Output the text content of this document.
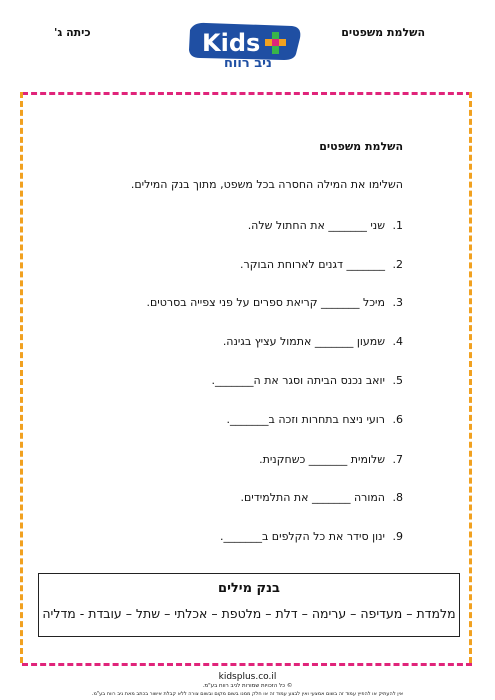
השלמת משפטים
כיתה ג'	Kids
ניב רווח
השלמת משפטים
השלימו את המילה החסרה בכל משפט, מתוך בנק המילים.
שני _______ את החתול שלה. .1
_______ דגנים לארוחת הבוקר. .2
מיכל _______ קריאת ספרים על פני צפייה בסרטים. .3
שמעון _______ אתמול עציץ בגינה. .4
יואב נכנס הביתה וסגר את ה_______. .5
רועי ניצח בתחרות וזכה ב_______. .6
שלומית _______ כשחקנית. .7
המורה _______ את התלמידים. .8
ינון סידר את כל הקלפים ב_______. .9
בנק מילים
מלמדת – מעדיפה – ערימה – דלת – מלטפת – אכלתי – שתל – עובדת - מדליה
kidsplus.co.il
© כל הזכויות שמורות לניב רווח בע"מ.
אין להעתיק או להפיץ עמוד זה בשום אמצעי ואין לבצע עמוד זה או חלק ממנו בשום מקום ובשום צורה ללא קבלת אישור בכתב מאת ניב רווח בע"מ.
